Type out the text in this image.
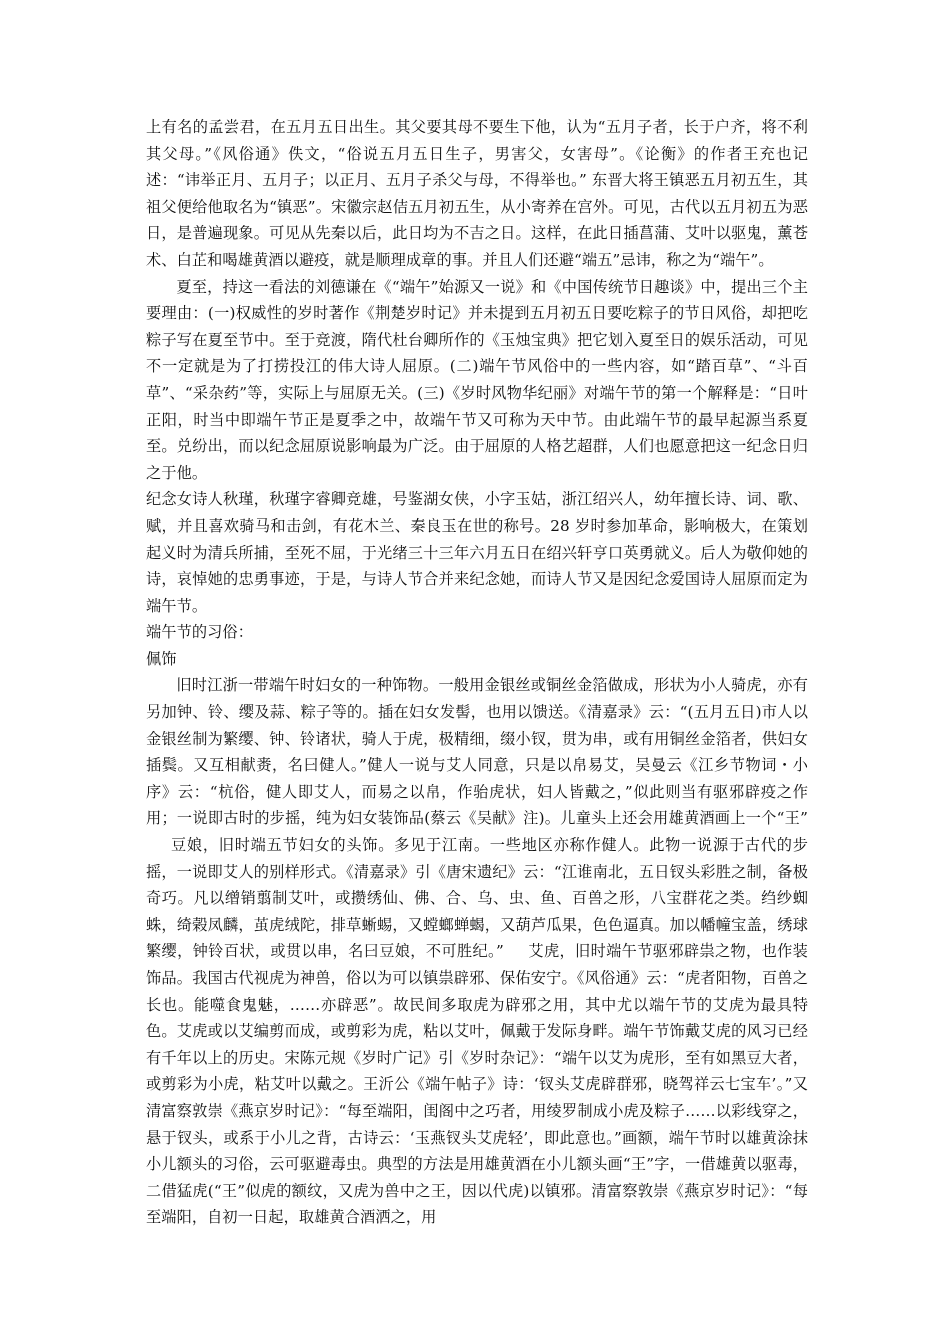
上有名的孟尝君，在五月五日出生。其父要其母不要生下他，认为“五月子者，长于户齐，将不利其父母。”《风俗通》佚文，“俗说五月五日生子，男害父，女害母”。《论衡》的作者王充也记述：“讳举正月、五月子；以正月、五月子杀父与母，不得举也。” 东晋大将王镇恶五月初五生，其祖父便给他取名为“镇恶”。宋徽宗赵佶五月初五生，从小寄养在宫外。可见，古代以五月初五为恶日，是普遍现象。可见从先秦以后，此日均为不吉之日。这样，在此日插菖蒲、艾叶以驱鬼，薰苍术、白芷和喝雄黄酒以避疫，就是顺理成章的事。并且人们还避“端五”忌讳，称之为“端午”。

夏至，持这一看法的刘德谦在《“端午”始源又一说》和《中国传统节日趣谈》中，提出三个主要理由：(一)权威性的岁时著作《荆楚岁时记》并未提到五月初五日要吃粽子的节日风俗，却把吃粽子写在夏至节中。至于竞渡，隋代杜台卿所作的《玉烛宝典》把它划入夏至日的娱乐活动，可见不一定就是为了打捞投江的伟大诗人屈原。(二)端午节风俗中的一些内容，如“踏百草”、“斗百草”、“采杂药”等，实际上与屈原无关。(三)《岁时风物华纪丽》对端午节的第一个解释是：“日叶正阳，时当中即端午节正是夏季之中，故端午节又可称为天中节。由此端午节的最早起源当系夏至。兑纷出，而以纪念屈原说影响最为广泛。由于屈原的人格艺超群，人们也愿意把这一纪念日归之于他。

纪念女诗人秋瑾，秋瑾字睿卿竞雄，号鉴湖女侠，小字玉姑，浙江绍兴人，幼年擅长诗、词、歌、赋，并且喜欢骑马和击剑，有花木兰、秦良玉在世的称号。28 岁时参加革命，影响极大，在策划起义时为清兵所捕，至死不屈，于光绪三十三年六月五日在绍兴轩亨口英勇就义。后人为敬仰她的诗，哀悼她的忠勇事迹，于是，与诗人节合并来纪念她，而诗人节又是因纪念爱国诗人屈原而定为端午节。

端午节的习俗：

佩饰

旧时江浙一带端午时妇女的一种饰物。一般用金银丝或铜丝金箔做成，形状为小人骑虎，亦有另加钟、铃、缨及蒜、粽子等的。插在妇女发髻，也用以馈送。《清嘉录》云：“(五月五日)市人以金银丝制为繁缨、钟、铃诸状，骑人于虎，极精细，缀小钗，贯为串，或有用铜丝金箔者，供妇女插鬓。又互相献赉，名曰健人。”健人一说与艾人同意，只是以帛易艾，吴曼云《江乡节物词・小序》云：“杭俗，健人即艾人，而易之以帛，作骀虎状，妇人皆戴之，”似此则当有驱邪辟疫之作用；一说即古时的步摇，纯为妇女装饰品(蔡云《吴献》注)。儿童头上还会用雄黄酒画上一个“王”豆娘，旧时端五节妇女的头饰。多见于江南。一些地区亦称作健人。此物一说源于古代的步摇，一说即艾人的别样形式。《清嘉录》引《唐宋遗纪》云：“江谁南北，五日钗头彩胜之制，备极奇巧。凡以缯销翦制艾叶，或攒绣仙、佛、合、乌、虫、鱼、百兽之形，八宝群花之类。绉纱蜘蛛，绮榖凤麟，茧虎绒陀，排草蜥蜴，又螳螂蝉蝎，又葫芦瓜果，色色逼真。加以幡幢宝盖，绣球繁缨，钟铃百状，或贯以串，名曰豆娘，不可胜纪。” 艾虎，旧时端午节驱邪辟祟之物，也作装饰品。我国古代视虎为神兽，俗以为可以镇祟辟邪、保佑安宁。《风俗通》云：“虎者阳物，百兽之长也。能噬食鬼魅，……亦辟恶”。故民间多取虎为辟邪之用，其中尤以端午节的艾虎为最具特色。艾虎或以艾编剪而成，或剪彩为虎，粘以艾叶，佩戴于发际身畔。端午节饰戴艾虎的风习已经有千年以上的历史。宋陈元规《岁时广记》引《岁时杂记》：“端午以艾为虎形，至有如黑豆大者，或剪彩为小虎，粘艾叶以戴之。王沂公《端午帖子》诗：‘钗头艾虎辟群邪，晓驾祥云七宝车’。”又清富察敦崇《燕京岁时记》：“每至端阳，闺阁中之巧者，用绫罗制成小虎及粽子……以彩线穿之，悬于钗头，或系于小儿之背，古诗云：‘玉燕钗头艾虎轻’，即此意也。”画额，端午节时以雄黄涂抹小儿额头的习俗，云可驱避毒虫。典型的方法是用雄黄酒在小儿额头画“王”字，一借雄黄以驱毒，二借猛虎(“王”似虎的额纹，又虎为兽中之王，因以代虎)以镇邪。清富察敦崇《燕京岁时记》：“每至端阳，自初一日起，取雄黄合酒洒之，用
